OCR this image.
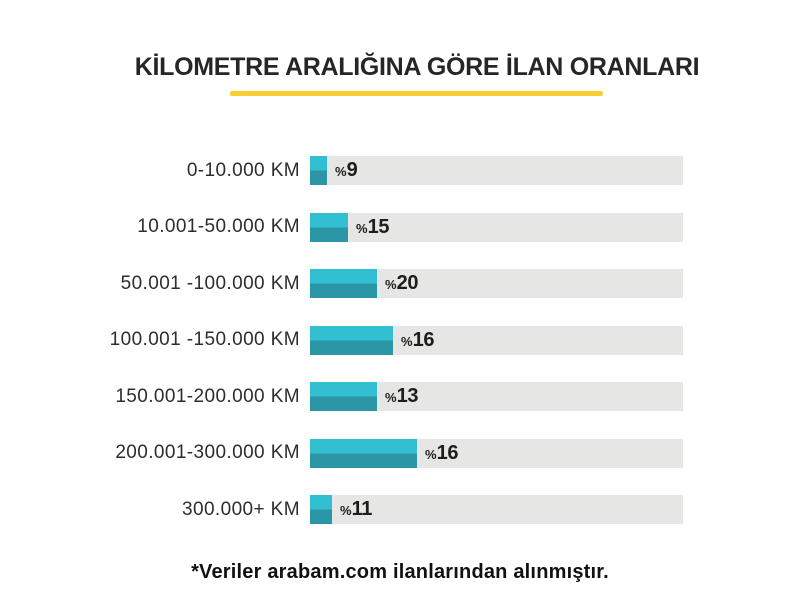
KİLOMETRE ARALIĞINA GÖRE İLAN ORANLARI
0-10.000 KM	% 9
10.001-50.000 KM	% 15
50.001 -100.000 KM	% 20
100.001 -150.000 KM	% 16
150.001-200.000 KM	% 13
200.001-300.000 KM	% 16
300.000+ KM	% 11
*Veriler arabam.com ilanlarından alınmıştır.
